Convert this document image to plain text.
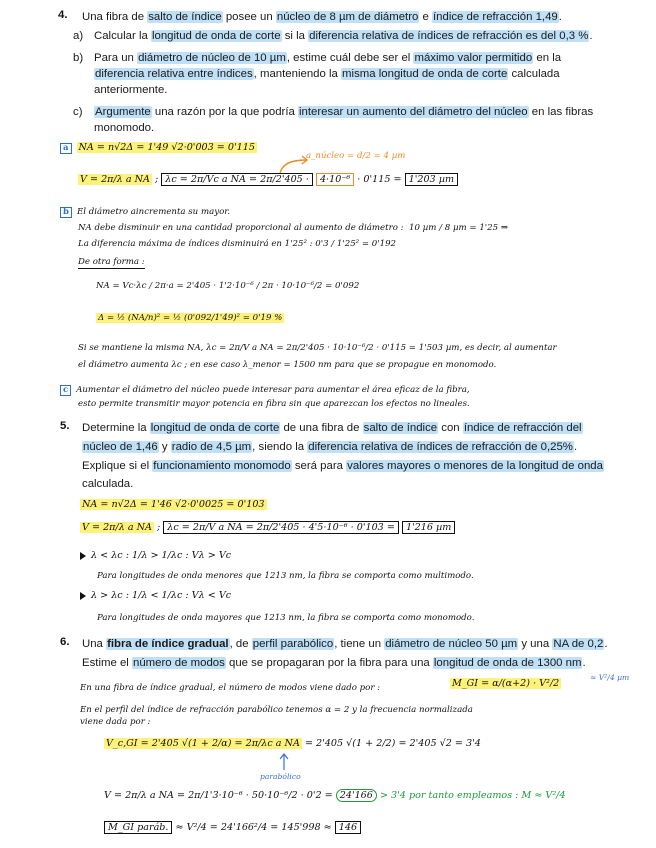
4. Una fibra de salto de índice posee un núcleo de 8 µm de diámetro e índice de refracción 1,49.
a) Calcular la longitud de onda de corte si la diferencia relativa de índices de refracción es del 0,3 %.
b) Para un diámetro de núcleo de 10 µm, estime cuál debe ser el máximo valor permitido en la
diferencia relativa entre índices, manteniendo la misma longitud de onda de corte calculada
anteriormente.
c) Argumente una razón por la que podría interesar un aumento del diámetro del núcleo en las fibras
monomodo.
a NA = n√2Δ = 1'49 √2·0'003 = 0'115
a_núcleo = d/2 = 4 µm
V = 2π/λ a NA ; λc = 2π/Vc a NA = 2π/2'405 · 4·10⁻⁶ · 0'115 = 1'203 µm
b El diámetro aincrementa su mayor.
NA debe disminuir en una cantidad proporcional al aumento de diámetro : 10 µm / 8 µm = 1'25 ⇒
La diferencia máxima de índices disminuirá en 1'25² : 0'3 / 1'25² = 0'192
De otra forma :
NA = Vc·λc / 2π·a = 2'405 · 1'2·10⁻⁶ / 2π · 10·10⁻⁶/2 = 0'092
Δ = ½ (NA/n)² = ½ (0'092/1'49)² = 0'19 %
Si se mantiene la misma NA, λc = 2π/V a NA = 2π/2'405 · 10·10⁻⁶/2 · 0'115 = 1'503 µm, es decir, al aumentar
el diámetro aumenta λc ; en ese caso λ_menor = 1500 nm para que se propague en monomodo.
c Aumentar el diámetro del núcleo puede interesar para aumentar el área eficaz de la fibra,
esto permite transmitir mayor potencia en fibra sin que aparezcan los efectos no lineales.
5. Determine la longitud de onda de corte de una fibra de salto de índice con índice de refracción del
núcleo de 1,46 y radio de 4,5 µm, siendo la diferencia relativa de índices de refracción de 0,25%.
Explique si el funcionamiento monomodo será para valores mayores o menores de la longitud de onda
calculada.
NA = n√2Δ = 1'46 √2·0'0025 = 0'103
V = 2π/λ a NA ; λc = 2π/V a NA = 2π/2'405 · 4'5·10⁻⁶ · 0'103 = 1'216 µm
λ < λc : 1/λ > 1/λc : Vλ > Vc
Para longitudes de onda menores que 1213 nm, la fibra se comporta como multimodo.
λ > λc : 1/λ < 1/λc : Vλ < Vc
Para longitudes de onda mayores que 1213 nm, la fibra se comporta como monomodo.
6. Una fibra de índice gradual, de perfil parabólico, tiene un diámetro de núcleo 50 µm y una NA de 0,2.
Estime el número de modos que se propagaran por la fibra para una longitud de onda de 1300 nm.
En una fibra de índice gradual, el número de modos viene dado por :	M_GI = α/(α+2) · V²/2
≈ V²/4 µm
En el perfil del índice de refracción parabólico tenemos α = 2 y la frecuencia normalizada
viene dada por :
V_c,GI = 2'405 √(1 + 2/α) = 2π/λc a NA = 2'405 √(1 + 2/2) = 2'405 √2 = 3'4
parabólico
V = 2π/λ a NA = 2π/1'3·10⁻⁶ · 50·10⁻⁶/2 · 0'2 = 24'166 > 3'4 por tanto empleamos : M ≈ V²/4
M_GI paráb. ≈ V²/4 = 24'166²/4 = 145'998 ≈ 146
